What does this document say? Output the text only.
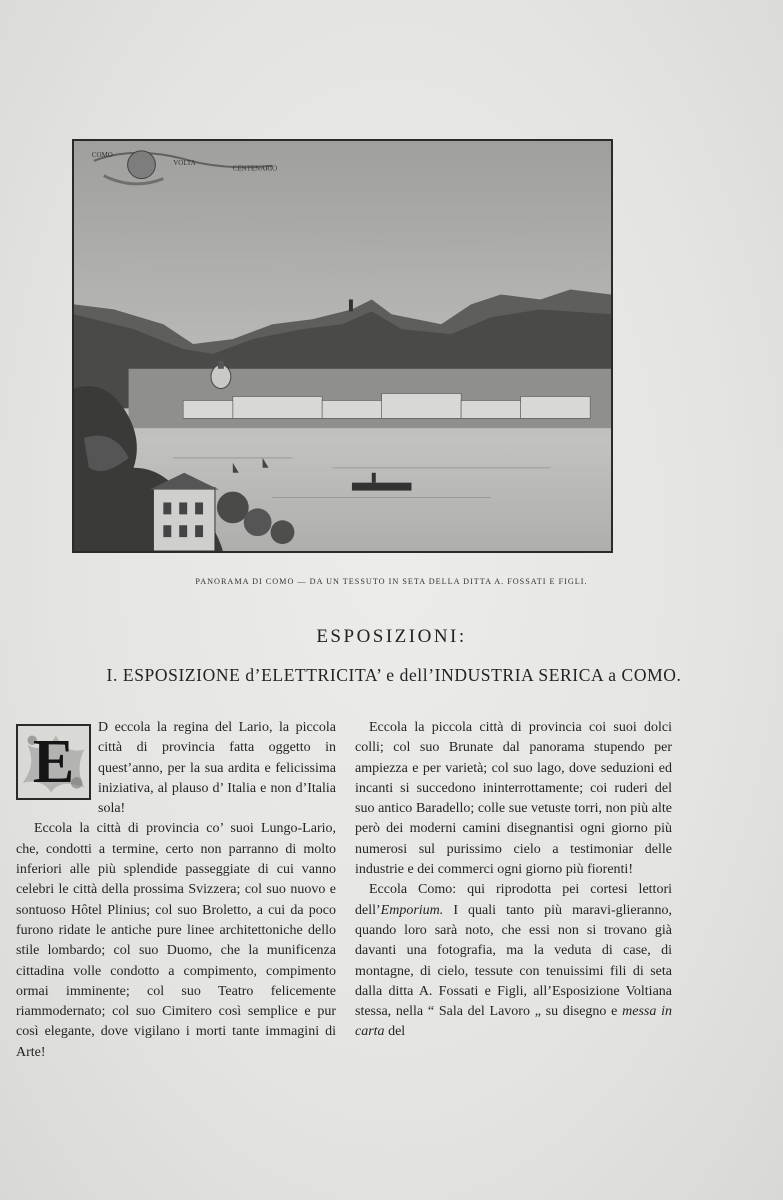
COMO
VOLTA
CENTENARIO
PANORAMA DI COMO — DA UN TESSUTO IN SETA DELLA DITTA A. FOSSATI E FIGLI.
ESPOSIZIONI:
I. ESPOSIZIONE d’ELETTRICITA’ e dell’INDUSTRIA SERICA a COMO.
E

D eccola la regina del Lario, la piccola città di provincia fatta oggetto in quest’anno, per la sua ardita e felicissima iniziativa, al plauso d’ Italia e non d’Italia sola!

Eccola la città di provincia co’ suoi Lungo-Lario, che, condotti a termine, certo non parranno di molto inferiori alle più splendide passeggiate di cui vanno celebri le città della prossima Svizzera; col suo nuovo e sontuoso Hôtel Plinius; col suo Broletto, a cui da poco furono ridate le antiche pure linee architettoniche dello stile lombardo; col suo Duomo, che la munificenza cittadina volle condotto a compimento, compimento ormai imminente; col suo Teatro felicemente riammodernato; col suo Cimitero così semplice e pur così elegante, dove vigilano i morti tante immagini di Arte!

Eccola la piccola città di provincia coi suoi dolci colli; col suo Brunate dal panorama stupendo per ampiezza e per varietà; col suo lago, dove seduzioni ed incanti si succedono ininterrottamente; coi ruderi del suo antico Baradello; colle sue vetuste torri, non più alte però dei moderni camini disegnantisi ogni giorno più numerosi sul purissimo cielo a testimoniar delle industrie e dei commerci ogni giorno più fiorenti!

Eccola Como: qui riprodotta pei cortesi lettori dell’Emporium. I quali tanto più maravi-glieranno, quando loro sarà noto, che essi non si trovano già davanti una fotografia, ma la veduta di case, di montagne, di cielo, tessute con tenuissimi fili di seta dalla ditta A. Fossati e Figli, all’Esposizione Voltiana stessa, nella “ Sala del Lavoro „ su disegno e messa in carta del
